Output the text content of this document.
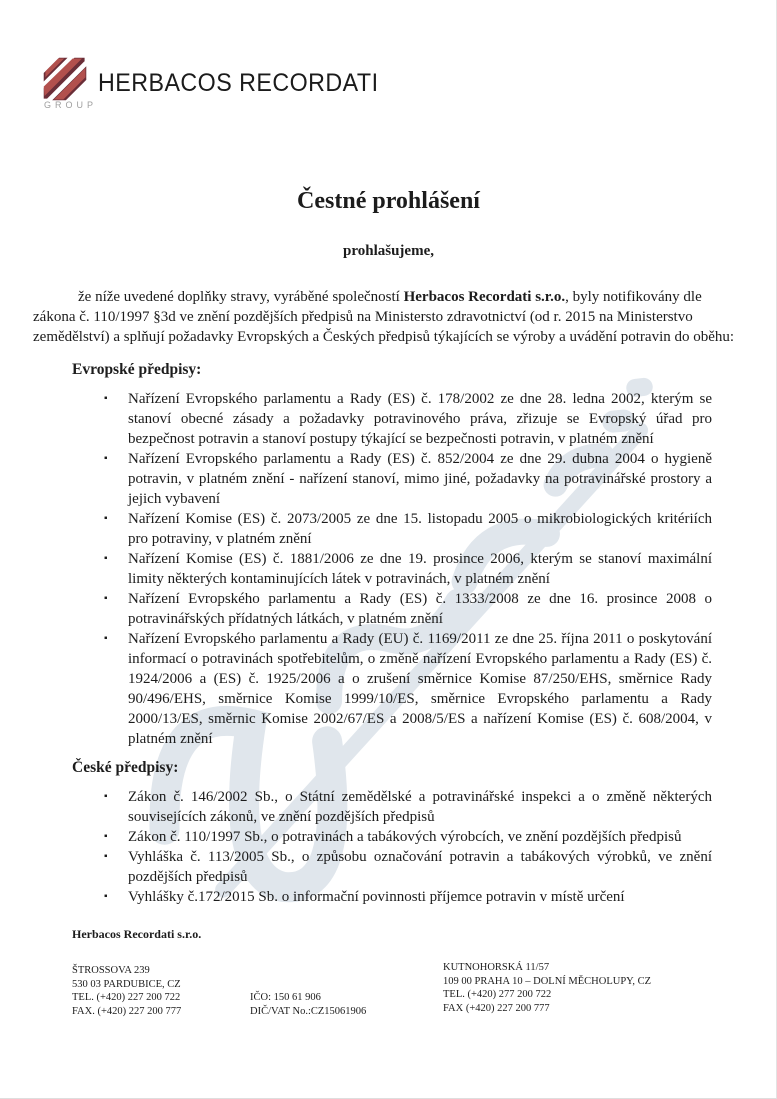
HERBACOS RECORDATI
GROUP
Čestné prohlášení
prohlašujeme,

že níže uvedené doplňky stravy, vyráběné společností Herbacos Recordati s.r.o., byly notifikovány dle zákona č. 110/1997 §3d ve znění pozdějších předpisů na Ministersto zdravotnictví (od r. 2015 na Ministerstvo zemědělství) a splňují požadavky Evropských a Českých předpisů týkajících se výroby a uvádění potravin do oběhu:

Evropské předpisy:
▪ Nařízení Evropského parlamentu a Rady (ES) č. 178/2002 ze dne 28. ledna 2002, kterým se stanoví obecné zásady a požadavky potravinového práva, zřizuje se Evropský úřad pro bezpečnost potravin a stanoví postupy týkající se bezpečnosti potravin, v platném znění
▪ Nařízení Evropského parlamentu a Rady (ES) č. 852/2004 ze dne 29. dubna 2004 o hygieně potravin, v platném znění - nařízení stanoví, mimo jiné, požadavky na potravinářské prostory a jejich vybavení
▪ Nařízení Komise (ES) č. 2073/2005 ze dne 15. listopadu 2005 o mikrobiologických kritériích pro potraviny, v platném znění
▪ Nařízení Komise (ES) č. 1881/2006 ze dne 19. prosince 2006, kterým se stanoví maximální limity některých kontaminujících látek v potravinách, v platném znění
▪ Nařízení Evropského parlamentu a Rady (ES) č. 1333/2008 ze dne 16. prosince 2008 o potravinářských přídatných látkách, v platném znění
▪ Nařízení Evropského parlamentu a Rady (EU) č. 1169/2011 ze dne 25. října 2011 o poskytování informací o potravinách spotřebitelům, o změně nařízení Evropského parlamentu a Rady (ES) č. 1924/2006 a (ES) č. 1925/2006 a o zrušení směrnice Komise 87/250/EHS, směrnice Rady 90/496/EHS, směrnice Komise 1999/10/ES, směrnice Evropského parlamentu a Rady 2000/13/ES, směrnic Komise 2002/67/ES a 2008/5/ES a nařízení Komise (ES) č. 608/2004, v platném znění
České předpisy:
▪ Zákon č. 146/2002 Sb., o Státní zemědělské a potravinářské inspekci a o změně některých souvisejících zákonů, ve znění pozdějších předpisů
▪ Zákon č. 110/1997 Sb., o potravinách a tabákových výrobcích, ve znění pozdějších předpisů
▪ Vyhláška č. 113/2005 Sb., o způsobu označování potravin a tabákových výrobků, ve znění pozdějších předpisů
▪ Vyhlášky č.172/2015 Sb. o informační povinnosti příjemce potravin v místě určení
Herbacos Recordati s.r.o.
ŠTROSSOVA 239
530 03 PARDUBICE, CZ
TEL. (+420) 227 200 722
FAX. (+420) 227 200 777
IČO: 150 61 906
DIČ/VAT No.:CZ15061906
KUTNOHORSKÁ 11/57
109 00 PRAHA 10 – DOLNÍ MĚCHOLUPY, CZ
TEL. (+420) 277 200 722
FAX (+420) 227 200 777
